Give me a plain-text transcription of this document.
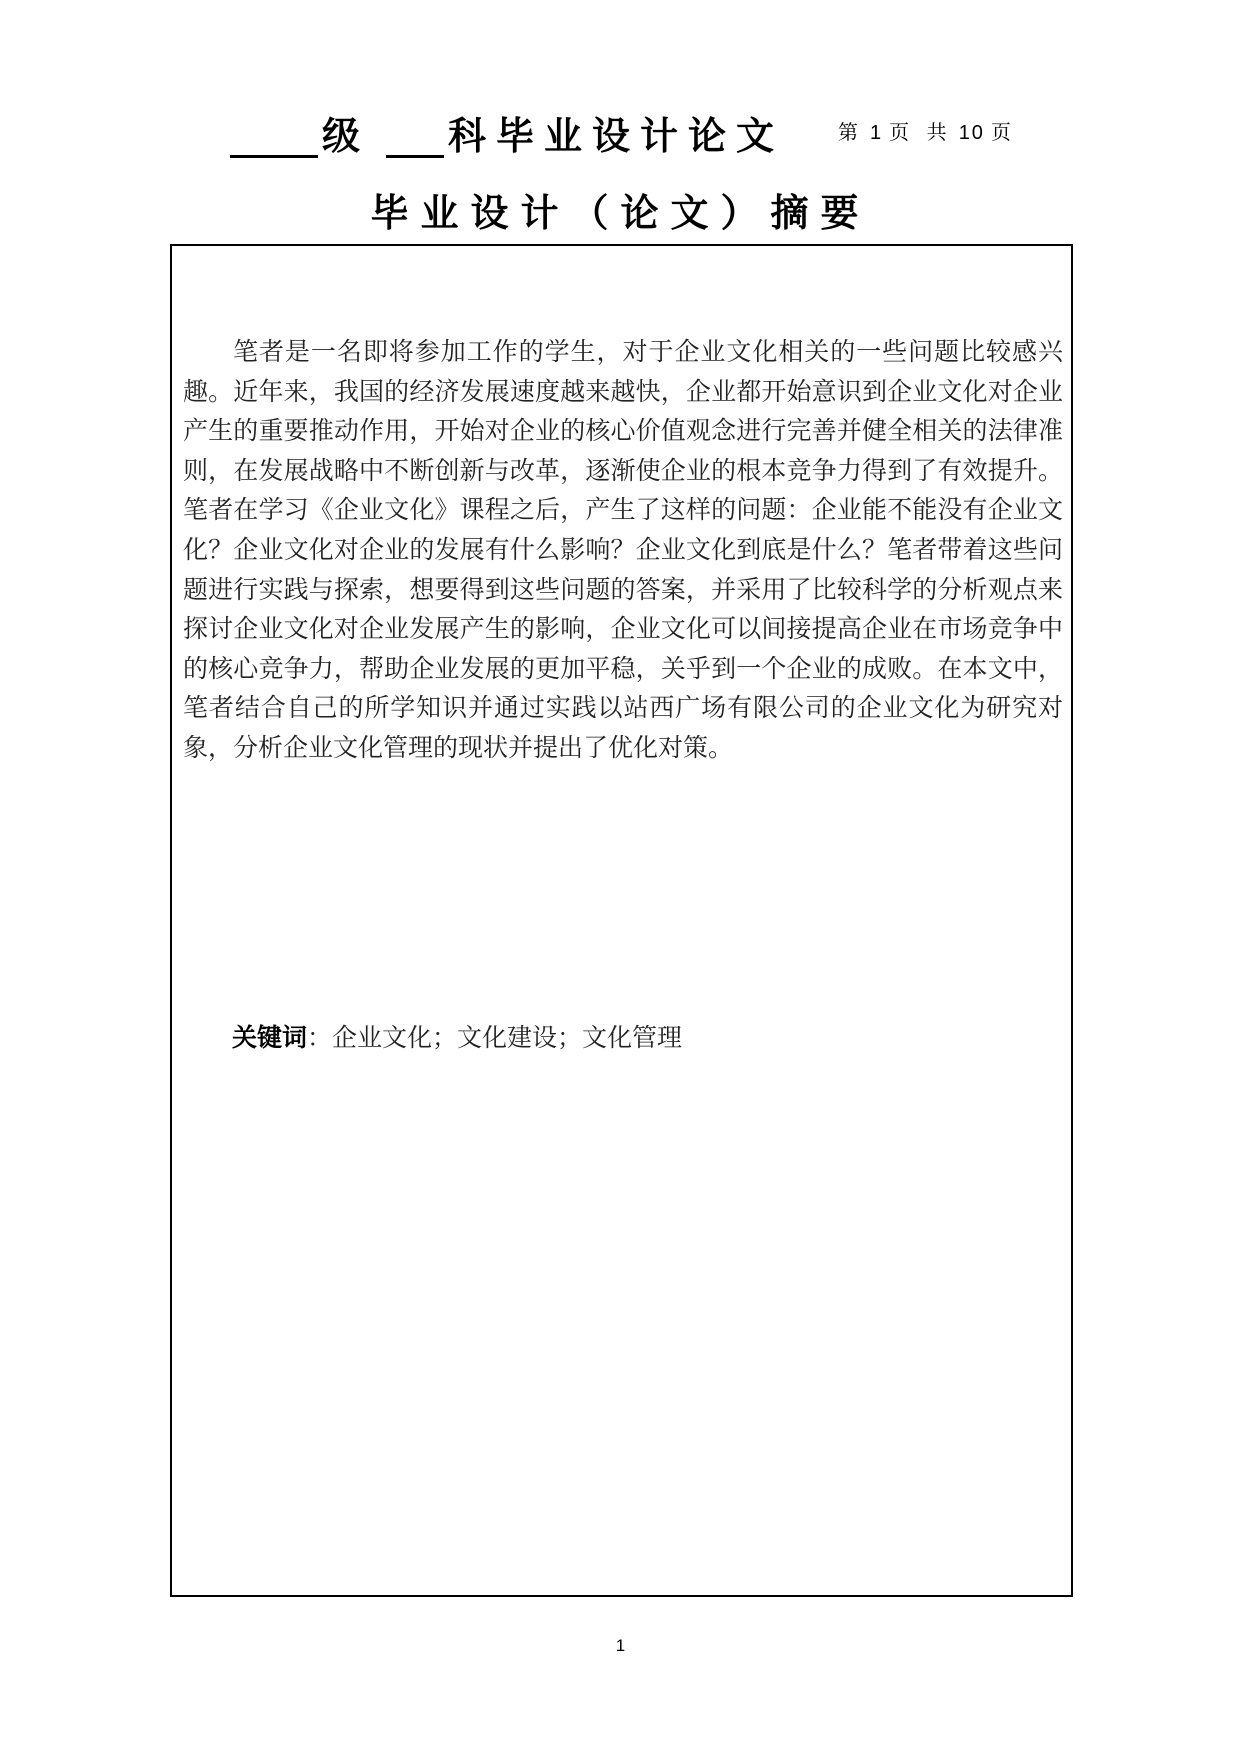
级 科毕业设计论文	第 1 页 共 10 页
毕业设计（论文）摘要

笔者是一名即将参加工作的学生，对于企业文化相关的一些问题比较感兴趣。近年来，我国的经济发展速度越来越快，企业都开始意识到企业文化对企业产生的重要推动作用，开始对企业的核心价值观念进行完善并健全相关的法律准则，在发展战略中不断创新与改革，逐渐使企业的根本竞争力得到了有效提升。笔者在学习《企业文化》课程之后，产生了这样的问题：企业能不能没有企业文化？企业文化对企业的发展有什么影响？企业文化到底是什么？笔者带着这些问题进行实践与探索，想要得到这些问题的答案，并采用了比较科学的分析观点来探讨企业文化对企业发展产生的影响，企业文化可以间接提高企业在市场竞争中的核心竞争力，帮助企业发展的更加平稳，关乎到一个企业的成败。在本文中，笔者结合自己的所学知识并通过实践以站西广场有限公司的企业文化为研究对象，分析企业文化管理的现状并提出了优化对策。

关键词：企业文化；文化建设；文化管理
1
